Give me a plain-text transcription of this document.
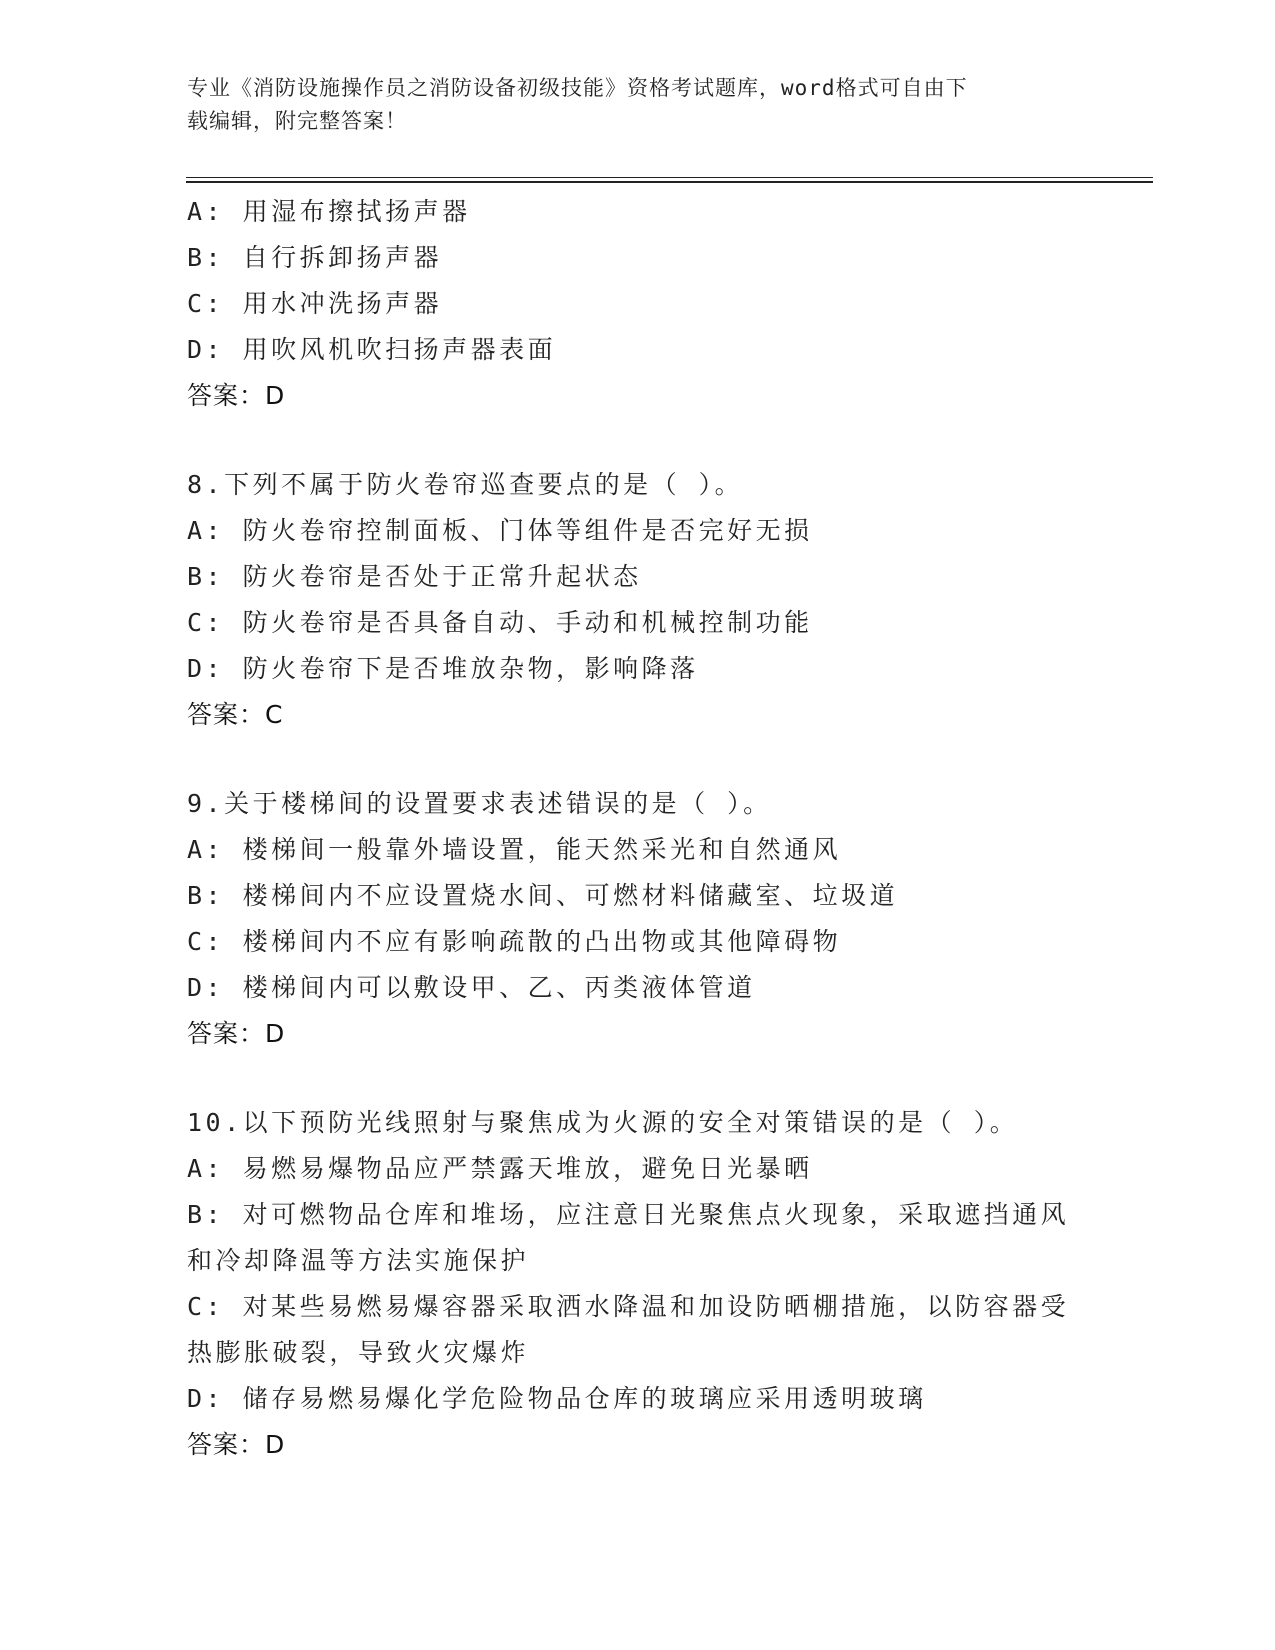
专业《消防设施操作员之消防设备初级技能》资格考试题库，word格式可自由下
载编辑，附完整答案！
A: 用湿布擦拭扬声器
B: 自行拆卸扬声器
C: 用水冲洗扬声器
D: 用吹风机吹扫扬声器表面
答案：D
8.下列不属于防火卷帘巡查要点的是（ ）。
A: 防火卷帘控制面板、门体等组件是否完好无损
B: 防火卷帘是否处于正常升起状态
C: 防火卷帘是否具备自动、手动和机械控制功能
D: 防火卷帘下是否堆放杂物，影响降落
答案：C
9.关于楼梯间的设置要求表述错误的是（ ）。
A: 楼梯间一般靠外墙设置，能天然采光和自然通风
B: 楼梯间内不应设置烧水间、可燃材料储藏室、垃圾道
C: 楼梯间内不应有影响疏散的凸出物或其他障碍物
D: 楼梯间内可以敷设甲、乙、丙类液体管道
答案：D
10.以下预防光线照射与聚焦成为火源的安全对策错误的是（ ）。
A: 易燃易爆物品应严禁露天堆放，避免日光暴晒
B: 对可燃物品仓库和堆场，应注意日光聚焦点火现象，采取遮挡通风
和冷却降温等方法实施保护
C: 对某些易燃易爆容器采取洒水降温和加设防晒棚措施，以防容器受
热膨胀破裂，导致火灾爆炸
D: 储存易燃易爆化学危险物品仓库的玻璃应采用透明玻璃
答案：D
